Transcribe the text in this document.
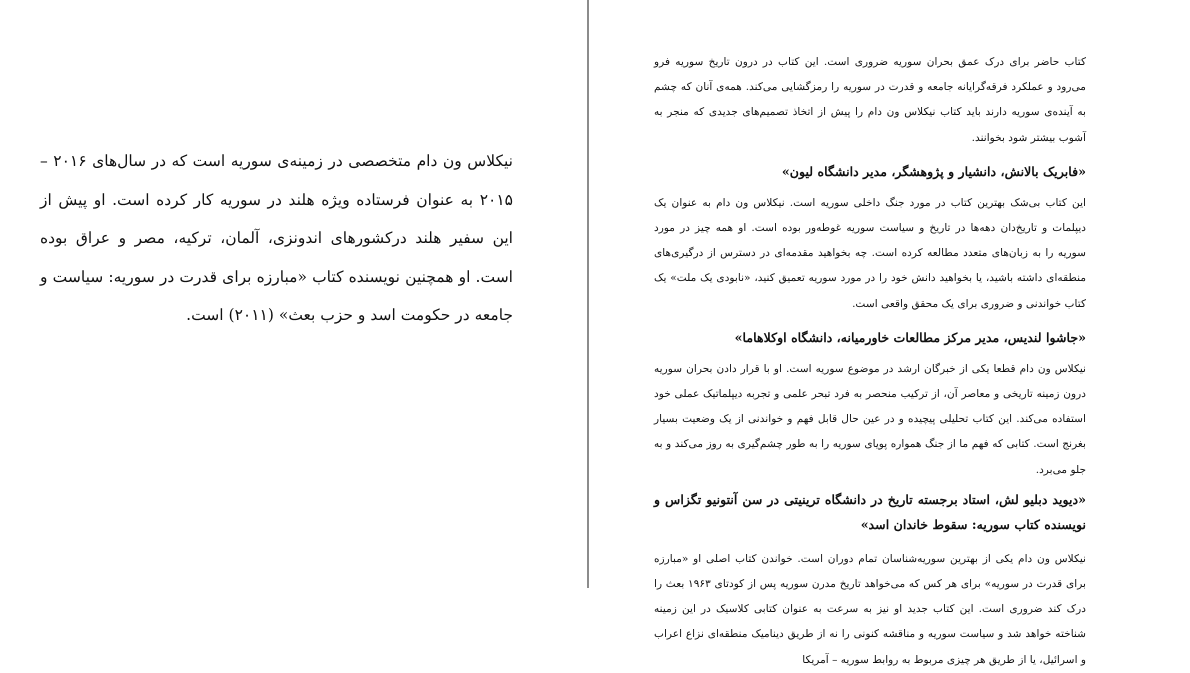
نیکلاس ون دام متخصصی در زمینه‌ی سوریه است که در سال‌های ۲۰۱۶ – ۲۰۱۵ به عنوان فرستاده ویژه هلند در سوریه کار کرده است. او پیش از این سفیر هلند درکشورهای اندونزی، آلمان، ترکیه، مصر و عراق بوده است. او همچنین نویسنده کتاب «مبارزه برای قدرت در سوریه: سیاست و جامعه در حکومت اسد و حزب بعث» (۲۰۱۱) است.

کتاب حاضر برای درک عمق بحران سوریه ضروری است. این کتاب در درون تاریخ سوریه فرو می‌رود و عملکرد فرقه‌گرایانه جامعه و قدرت در سوریه را رمزگشایی می‌کند. همه‌ی آنان که چشم به آینده‌ی سوریه دارند باید کتاب نیکلاس ون دام را پیش از اتخاذ تصمیم‌های جدیدی که منجر به آشوب بیشتر شود بخوانند.

«فابریک بالانش، دانشیار و پژوهشگر، مدیر دانشگاه لیون»

این کتاب بی‌شک بهترین کتاب در مورد جنگ داخلی سوریه است. نیکلاس ون دام به عنوان یک دیپلمات و تاریخ‌دان دهه‌ها در تاریخ و سیاست سوریه غوطه‌ور بوده است. او همه چیز در مورد سوریه را به زبان‌های متعدد مطالعه کرده است. چه بخواهید مقدمه‌ای در دسترس از درگیری‌های منطقه‌ای داشته باشید، یا بخواهید دانش خود را در مورد سوریه تعمیق کنید، «نابودی یک ملت» یک کتاب خواندنی و ضروری برای یک محقق واقعی است.

«جاشوا لندیس، مدیر مرکز مطالعات خاورمیانه، دانشگاه اوکلاهاما»

نیکلاس ون دام قطعا یکی از خبرگان ارشد در موضوع سوریه است. او با قرار دادن بحران سوریه درون زمینه تاریخی و معاصر آن، از ترکیب منحصر به فرد تبحر علمی و تجربه دیپلماتیک عملی خود استفاده می‌کند. این کتاب تحلیلی پیچیده و در عین حال قابل فهم و خواندنی از یک وضعیت بسیار بغرنج است. کتابی که فهم ما از جنگ همواره پویای سوریه را به طور چشم‌گیری به روز می‌کند و به جلو می‌برد.

«دیوید دبلیو لش، استاد برجسته تاریخ در دانشگاه ترینیتی در سن آنتونیو تگزاس و نویسنده کتاب سوریه: سقوط خاندان اسد»

نیکلاس ون دام یکی از بهترین سوریه‌شناسان تمام دوران است. خواندن کتاب اصلی او «مبارزه برای قدرت در سوریه» برای هر کس که می‌خواهد تاریخ مدرن سوریه پس از کودتای ۱۹۶۳ بعث را درک کند ضروری است. این کتاب جدید او نیز به سرعت به عنوان کتابی کلاسیک در این زمینه شناخته خواهد شد و سیاست سوریه و مناقشه کنونی را نه از طریق دینامیک منطقه‌ای نزاع اعراب و اسرائیل، یا از طریق هر چیزی مربوط به روابط سوریه – آمریکا
